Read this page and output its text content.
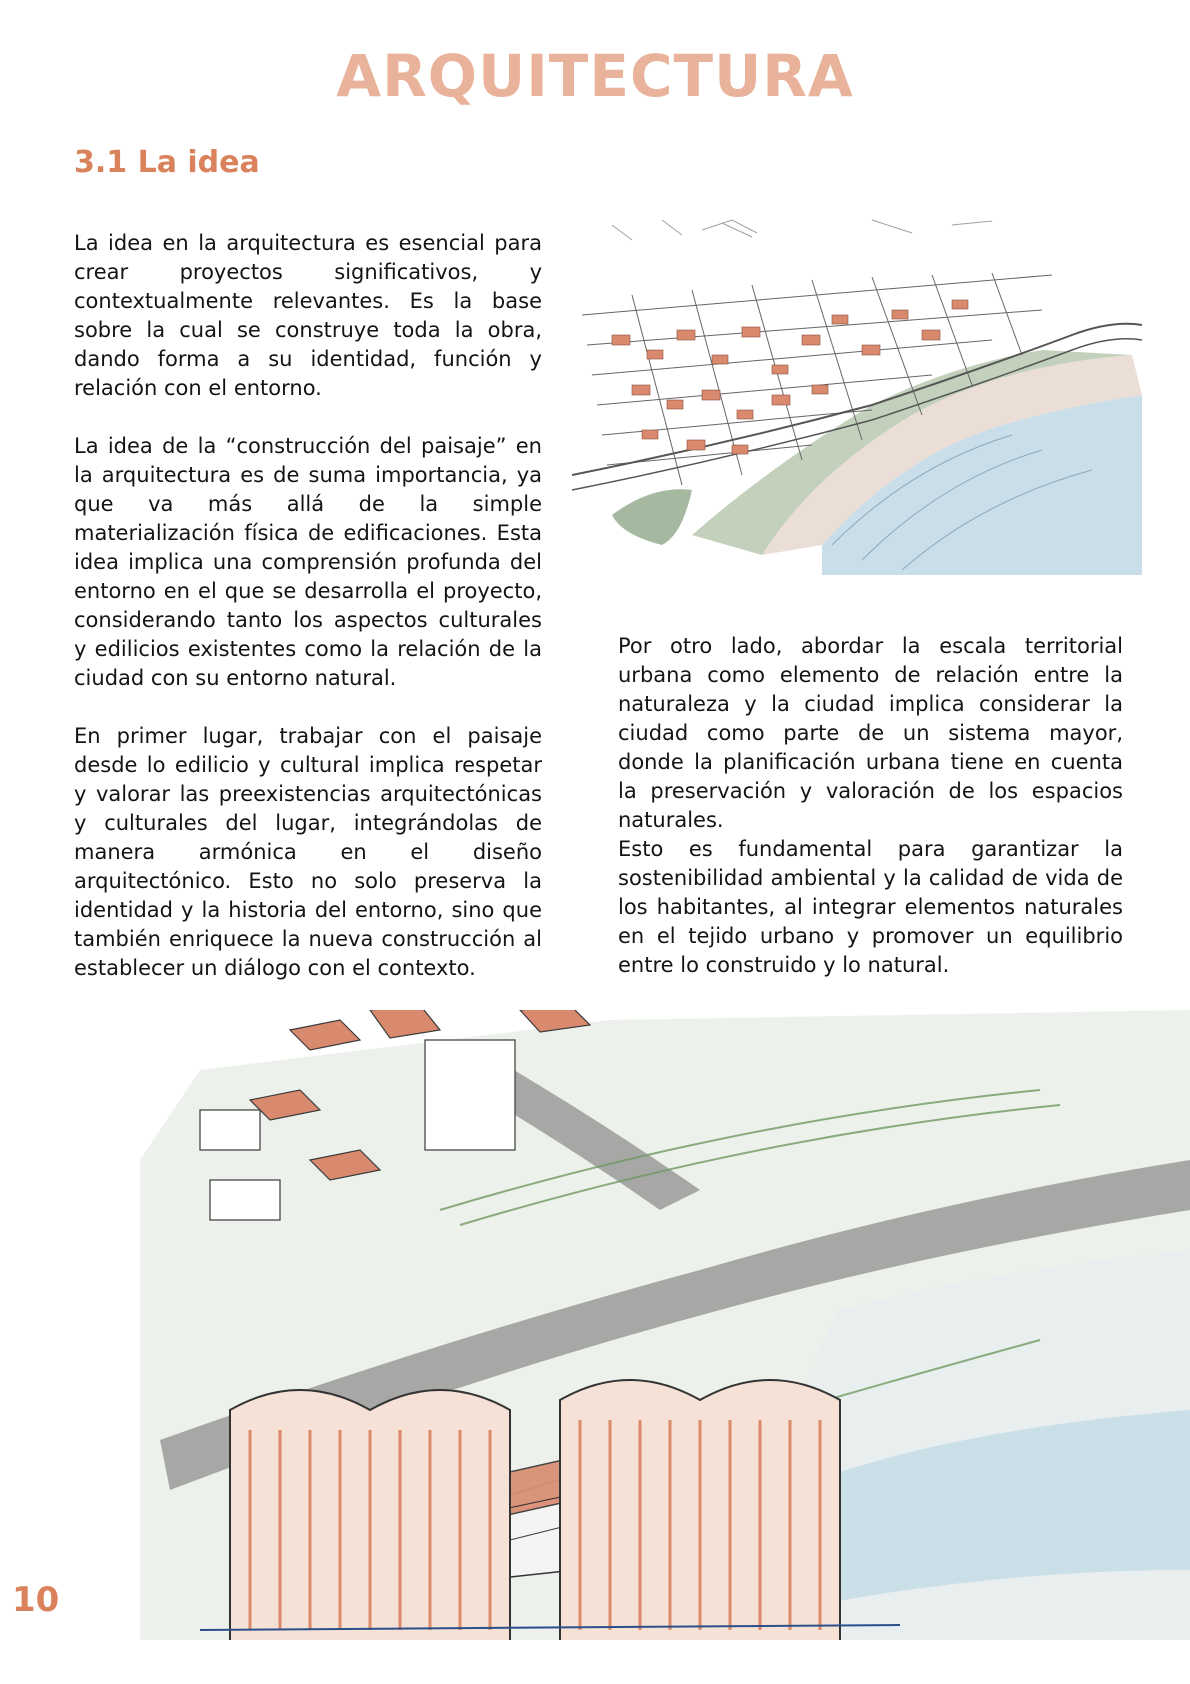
ARQUITECTURA
3.1 La idea

La idea en la arquitectura es esencial para crear proyectos significativos, y contextualmente relevantes. Es la base sobre la cual se construye toda la obra, dando forma a su identidad, función y relación con el entorno.

La idea de la “construcción del paisaje” en la arquitectura es de suma importancia, ya que va más allá de la simple materialización física de edificaciones. Esta idea implica una comprensión profunda del entorno en el que se desarrolla el proyecto, considerando tanto los aspectos culturales y edilicios existentes como la relación de la ciudad con su entorno natural.

En primer lugar, trabajar con el paisaje desde lo edilicio y cultural implica respetar y valorar las preexistencias arquitectónicas y culturales del lugar, integrándolas de manera armónica en el diseño arquitectónico. Esto no solo preserva la identidad y la historia del entorno, sino que también enriquece la nueva construcción al establecer un diálogo con el contexto.

Por otro lado, abordar la escala territorial urbana como elemento de relación entre la naturaleza y la ciudad implica considerar la ciudad como parte de un sistema mayor, donde la planificación urbana tiene en cuenta la preservación y valoración de los espacios naturales.

Esto es fundamental para garantizar la sostenibilidad ambiental y la calidad de vida de los habitantes, al integrar elementos naturales en el tejido urbano y promover un equilibrio entre lo construido y lo natural.

10
